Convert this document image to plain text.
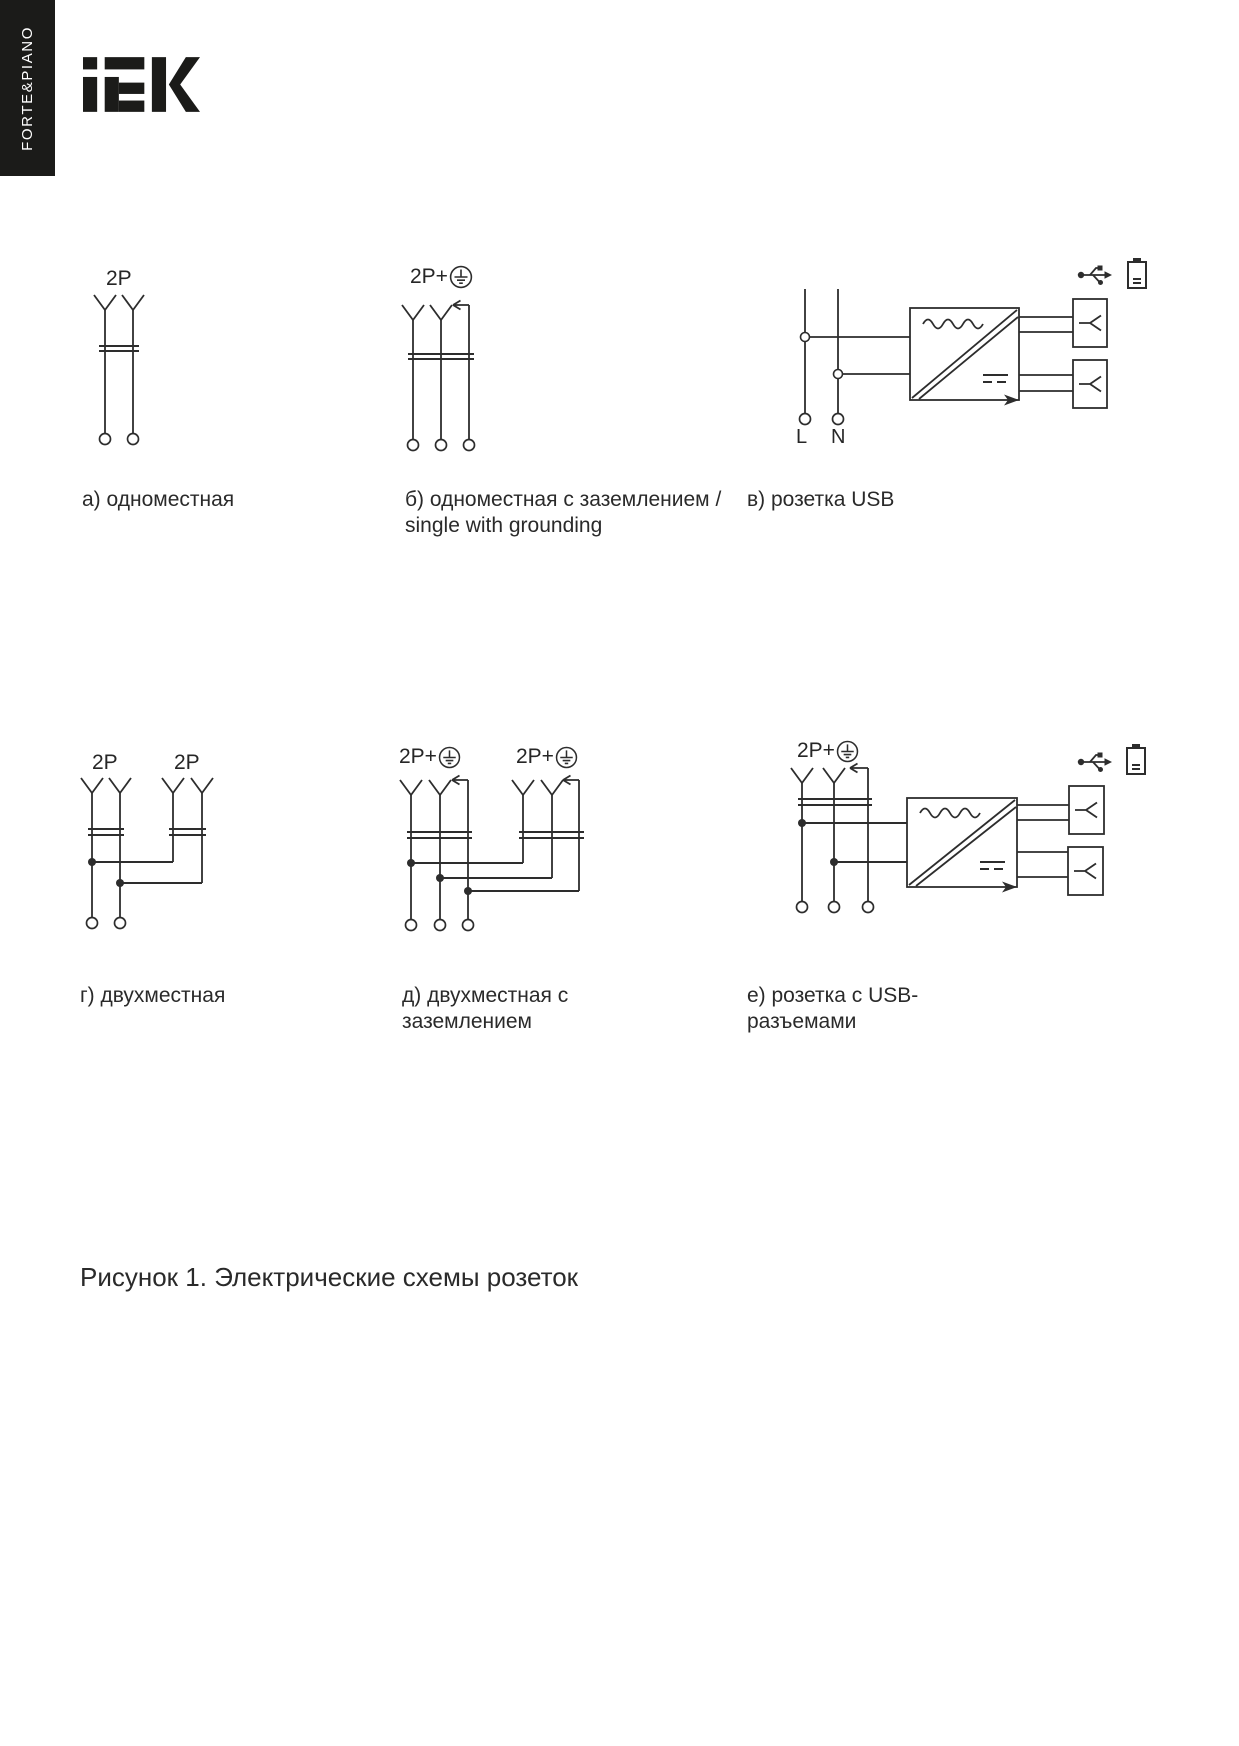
FORTE&PIANO
2P
а) одноместная
2P+
б) одноместная с заземлением /
single with grounding
L N
в) розетка USB
2P	2P
г) двухместная
2P+	2P+
д) двухместная с
заземлением
2P+
е) розетка с USB-
разъемами
Рисунок 1. Электрические схемы розеток
